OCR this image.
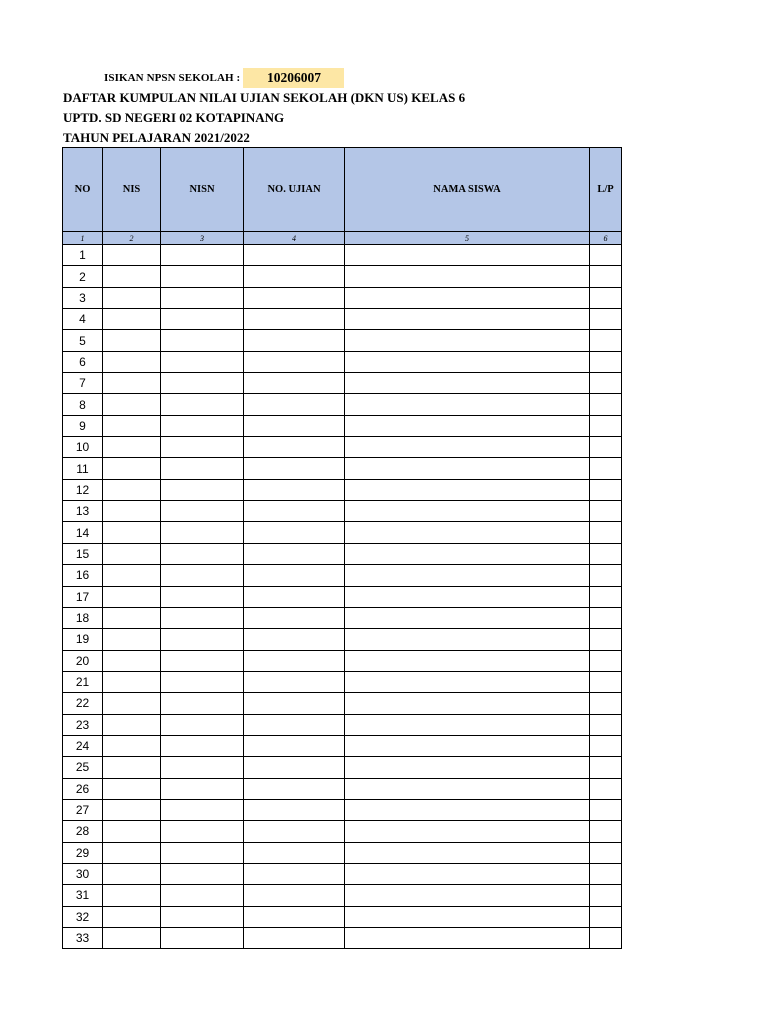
ISIKAN NPSN SEKOLAH :	10206007
DAFTAR KUMPULAN NILAI UJIAN SEKOLAH (DKN US) KELAS 6
UPTD. SD NEGERI 02 KOTAPINANG
TAHUN PELAJARAN 2021/2022
NO	NIS	NISN	NO. UJIAN	NAMA SISWA	L/P
1	2	3	4	5	6
1					
2					
3					
4					
5					
6					
7					
8					
9					
10					
11					
12					
13					
14					
15					
16					
17					
18					
19					
20					
21					
22					
23					
24					
25					
26					
27					
28					
29					
30					
31					
32					
33					
